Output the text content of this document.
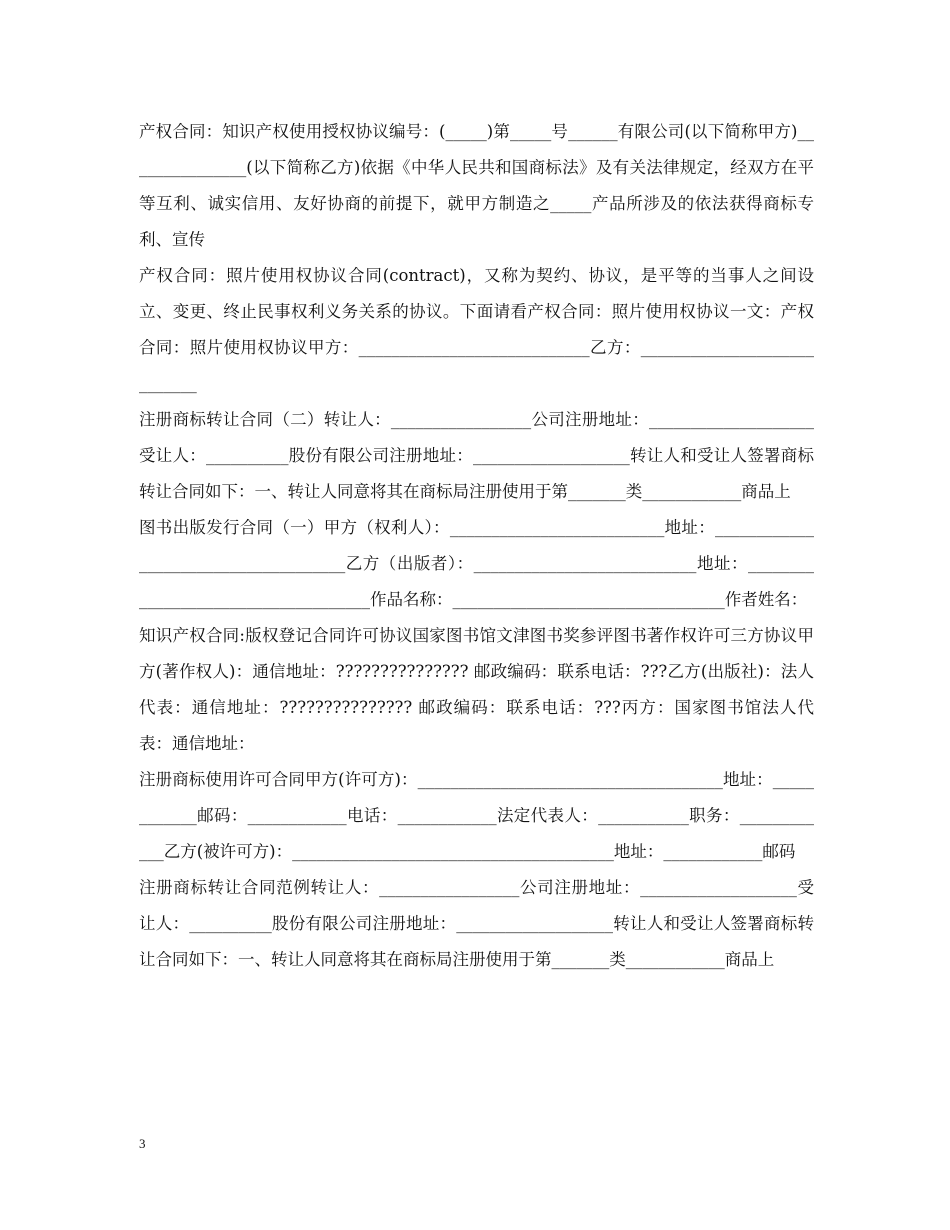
产权合同：知识产权使用授权协议编号：(_____)第_____号______有限公司(以下简称甲方)_______________(以下简称乙方)依据《中华人民共和国商标法》及有关法律规定，经双方在平等互利、诚实信用、友好协商的前提下，就甲方制造之_____产品所涉及的依法获得商标专利、宣传

产权合同：照片使用权协议合同(contract)，又称为契约、协议，是平等的当事人之间设立、变更、终止民事权利义务关系的协议。下面请看产权合同：照片使用权协议一文：产权合同：照片使用权协议甲方：____________________________乙方：____________________________

注册商标转让合同（二）转让人：_________________公司注册地址：____________________受让人：__________股份有限公司注册地址：___________________转让人和受让人签署商标转让合同如下：一、转让人同意将其在商标局注册使用于第_______类____________商品上

图书出版发行合同（一）甲方（权利人）：__________________________地址：_____________________________________乙方（出版者）：___________________________地址：____________________________________作品名称：_________________________________作者姓名：

知识产权合同:版权登记合同许可协议国家图书馆文津图书奖参评图书著作权许可三方协议甲方(著作权人)：通信地址：??????????????? 邮政编码：联系电话：???乙方(出版社)：法人代表：通信地址：??????????????? 邮政编码：联系电话：???丙方：国家图书馆法人代表：通信地址：

注册商标使用许可合同甲方(许可方)：_____________________________________地址：____________邮码：____________电话：____________法定代表人：___________职务：____________乙方(被许可方)：_______________________________________地址：____________邮码

注册商标转让合同范例转让人：_________________公司注册地址：___________________受让人：__________股份有限公司注册地址：___________________转让人和受让人签署商标转让合同如下：一、转让人同意将其在商标局注册使用于第_______类____________商品上

3
